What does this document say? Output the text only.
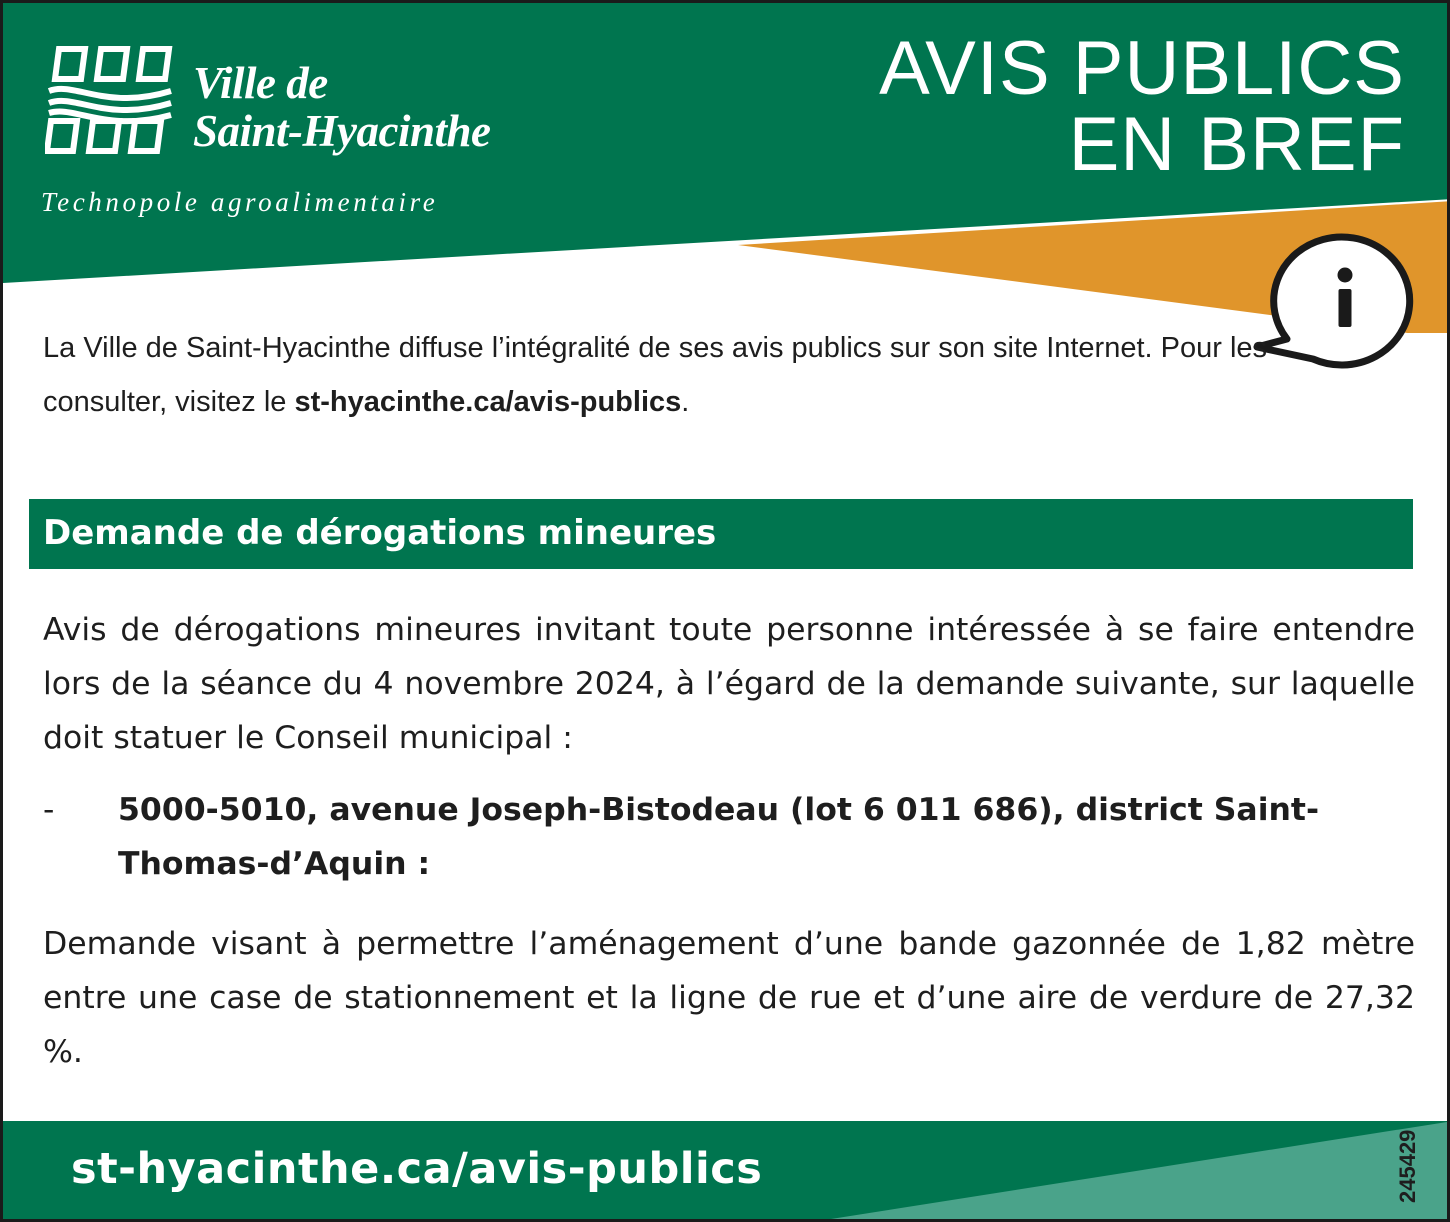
Ville de
Saint-Hyacinthe
Technopole agroalimentaire
AVIS PUBLICS
EN BREF
La Ville de Saint-Hyacinthe diffuse l’intégralité de ses avis publics sur son site Internet. Pour les consulter, visitez le st-hyacinthe.ca/avis-publics.
Demande de dérogations mineures
Avis de dérogations mineures invitant toute personne intéressée à se faire entendre lors de la séance du 4 novembre 2024, à l’égard de la demande suivante, sur laquelle doit statuer le Conseil municipal :
- 5000-5010, avenue Joseph-Bistodeau (lot 6 011 686), district Saint-Thomas-d’Aquin :
Demande visant à permettre l’aménagement d’une bande gazonnée de 1,82 mètre entre une case de stationnement et la ligne de rue et d’une aire de verdure de 27,32 %.
st-hyacinthe.ca/avis-publics	245429
